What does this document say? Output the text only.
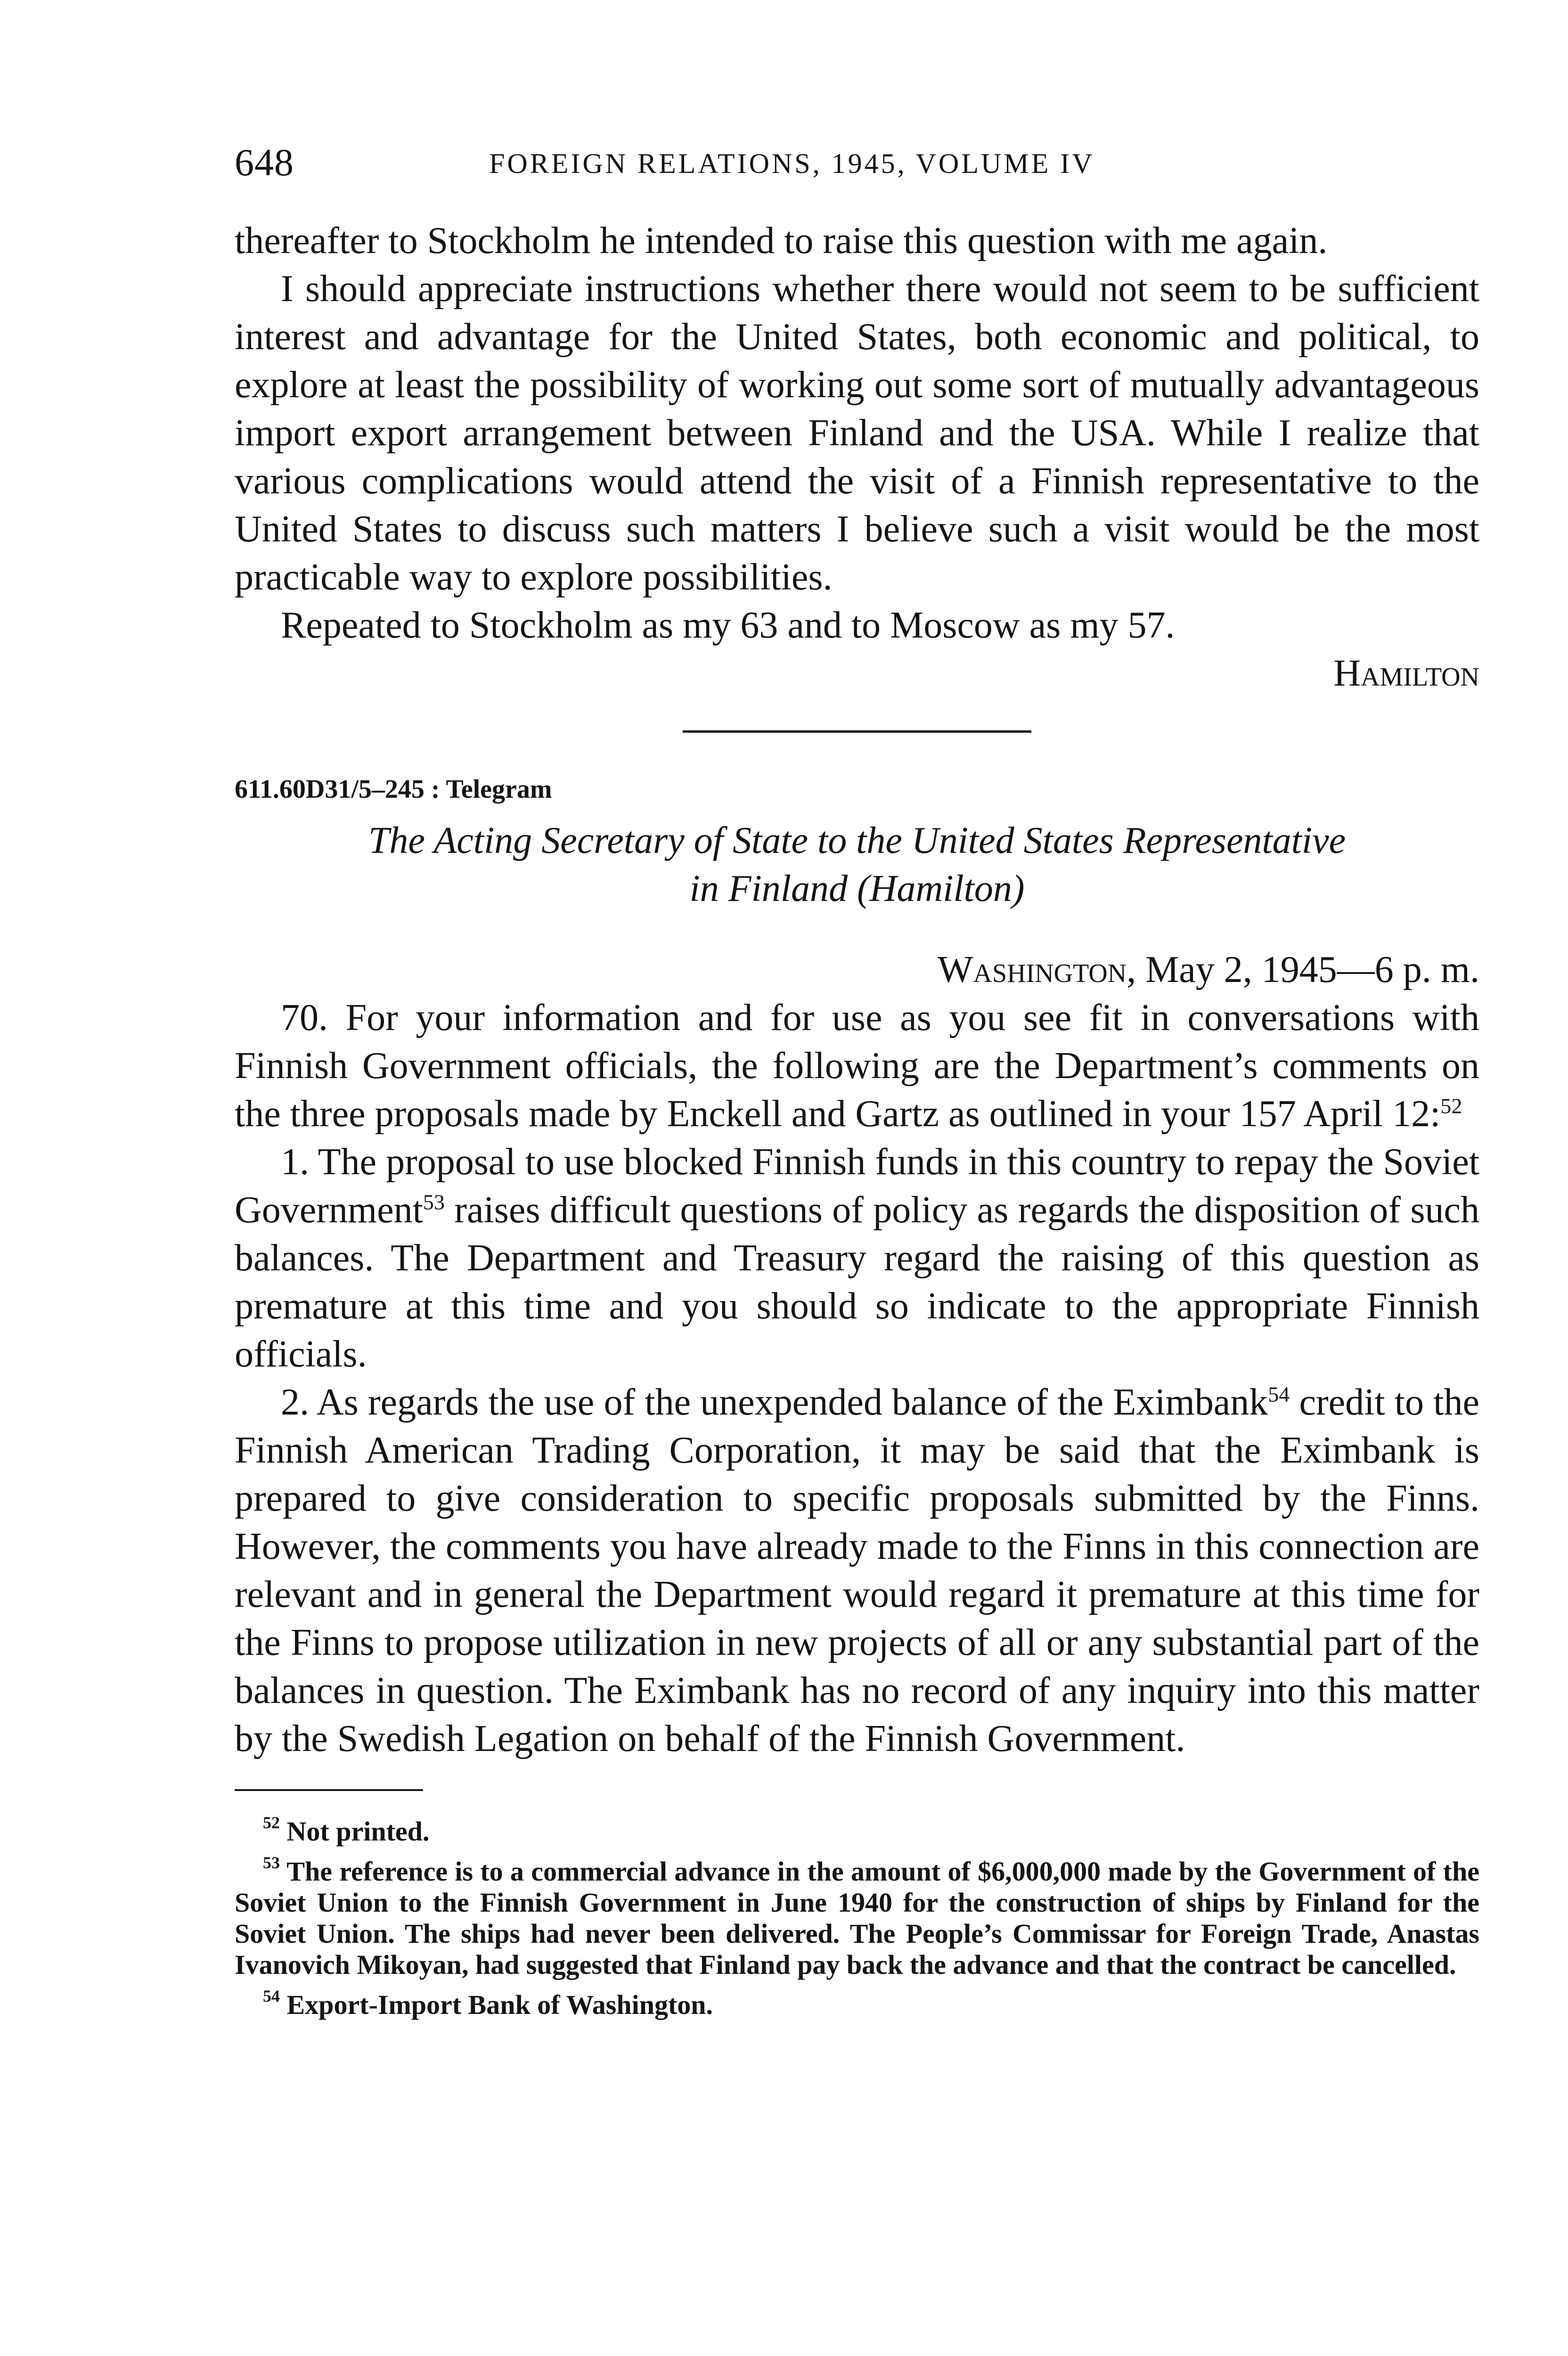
648	FOREIGN RELATIONS, 1945, VOLUME IV

thereafter to Stockholm he intended to raise this question with me again.

I should appreciate instructions whether there would not seem to be sufficient interest and advantage for the United States, both economic and political, to explore at least the possibility of working out some sort of mutually advantageous import export arrangement between Finland and the USA. While I realize that various complications would attend the visit of a Finnish representative to the United States to discuss such matters I believe such a visit would be the most practicable way to explore possibilities.

Repeated to Stockholm as my 63 and to Moscow as my 57.

Hamilton

611.60D31/5–245 : Telegram

The Acting Secretary of State to the United States Representative

in Finland (Hamilton)

Washington, May 2, 1945—6 p. m.

70. For your information and for use as you see fit in conversations with Finnish Government officials, the following are the Department’s comments on the three proposals made by Enckell and Gartz as outlined in your 157 April 12:$^{52}$

1. The proposal to use blocked Finnish funds in this country to repay the Soviet Government$^{53}$ raises difficult questions of policy as regards the disposition of such balances. The Department and Treasury regard the raising of this question as premature at this time and you should so indicate to the appropriate Finnish officials.

2. As regards the use of the unexpended balance of the Eximbank$^{54}$ credit to the Finnish American Trading Corporation, it may be said that the Eximbank is prepared to give consideration to specific proposals submitted by the Finns. However, the comments you have already made to the Finns in this connection are relevant and in general the Department would regard it premature at this time for the Finns to propose utilization in new projects of all or any substantial part of the balances in question. The Eximbank has no record of any inquiry into this matter by the Swedish Legation on behalf of the Finnish Government.

$^{52}$ Not printed.

$^{53}$ The reference is to a commercial advance in the amount of $6,000,000 made by the Government of the Soviet Union to the Finnish Government in June 1940 for the construction of ships by Finland for the Soviet Union. The ships had never been delivered. The People’s Commissar for Foreign Trade, Anastas Ivanovich Mikoyan, had suggested that Finland pay back the advance and that the contract be cancelled.

$^{54}$ Export-Import Bank of Washington.
